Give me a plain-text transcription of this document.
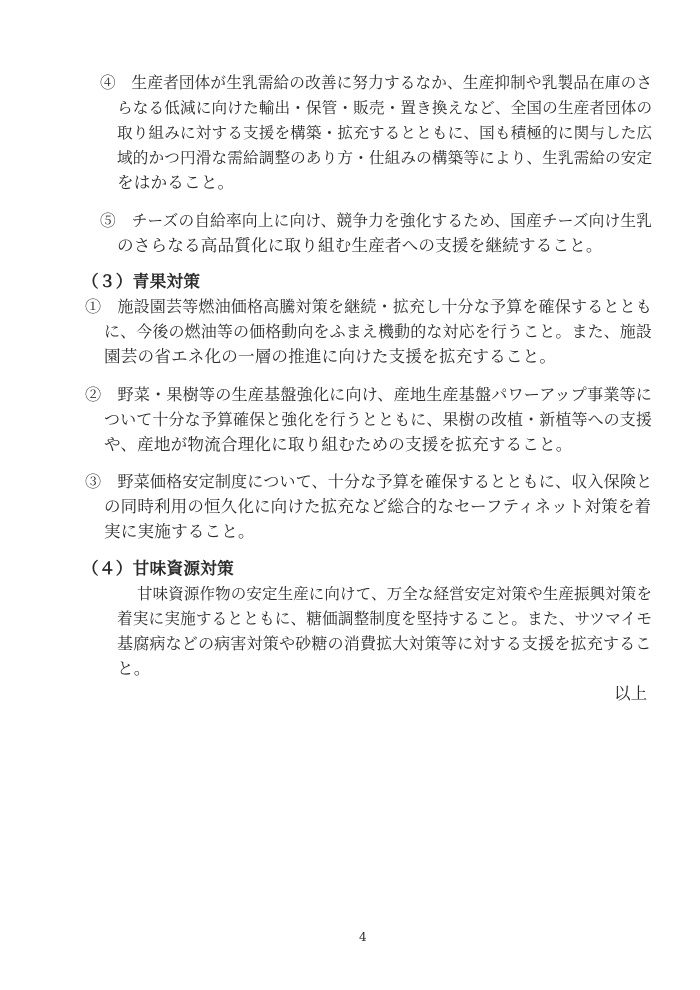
④　生産者団体が生乳需給の改善に努力するなか、生産抑制や乳製品在庫のさ
らなる低減に向けた輸出・保管・販売・置き換えなど、全国の生産者団体の
取り組みに対する支援を構築・拡充するとともに、国も積極的に関与した広
域的かつ円滑な需給調整のあり方・仕組みの構築等により、生乳需給の安定
をはかること。
⑤　チーズの自給率向上に向け、競争力を強化するため、国産チーズ向け生乳
のさらなる高品質化に取り組む生産者への支援を継続すること。
（３）青果対策
①　施設園芸等燃油価格高騰対策を継続・拡充し十分な予算を確保するととも
に、今後の燃油等の価格動向をふまえ機動的な対応を行うこと。また、施設
園芸の省エネ化の一層の推進に向けた支援を拡充すること。
②　野菜・果樹等の生産基盤強化に向け、産地生産基盤パワーアップ事業等に
ついて十分な予算確保と強化を行うとともに、果樹の改植・新植等への支援
や、産地が物流合理化に取り組むための支援を拡充すること。
③　野菜価格安定制度について、十分な予算を確保するとともに、収入保険と
の同時利用の恒久化に向けた拡充など総合的なセーフティネット対策を着
実に実施すること。
（４）甘味資源対策
甘味資源作物の安定生産に向けて、万全な経営安定対策や生産振興対策を
着実に実施するとともに、糖価調整制度を堅持すること。また、サツマイモ
基腐病などの病害対策や砂糖の消費拡大対策等に対する支援を拡充するこ
と。
以上
4
